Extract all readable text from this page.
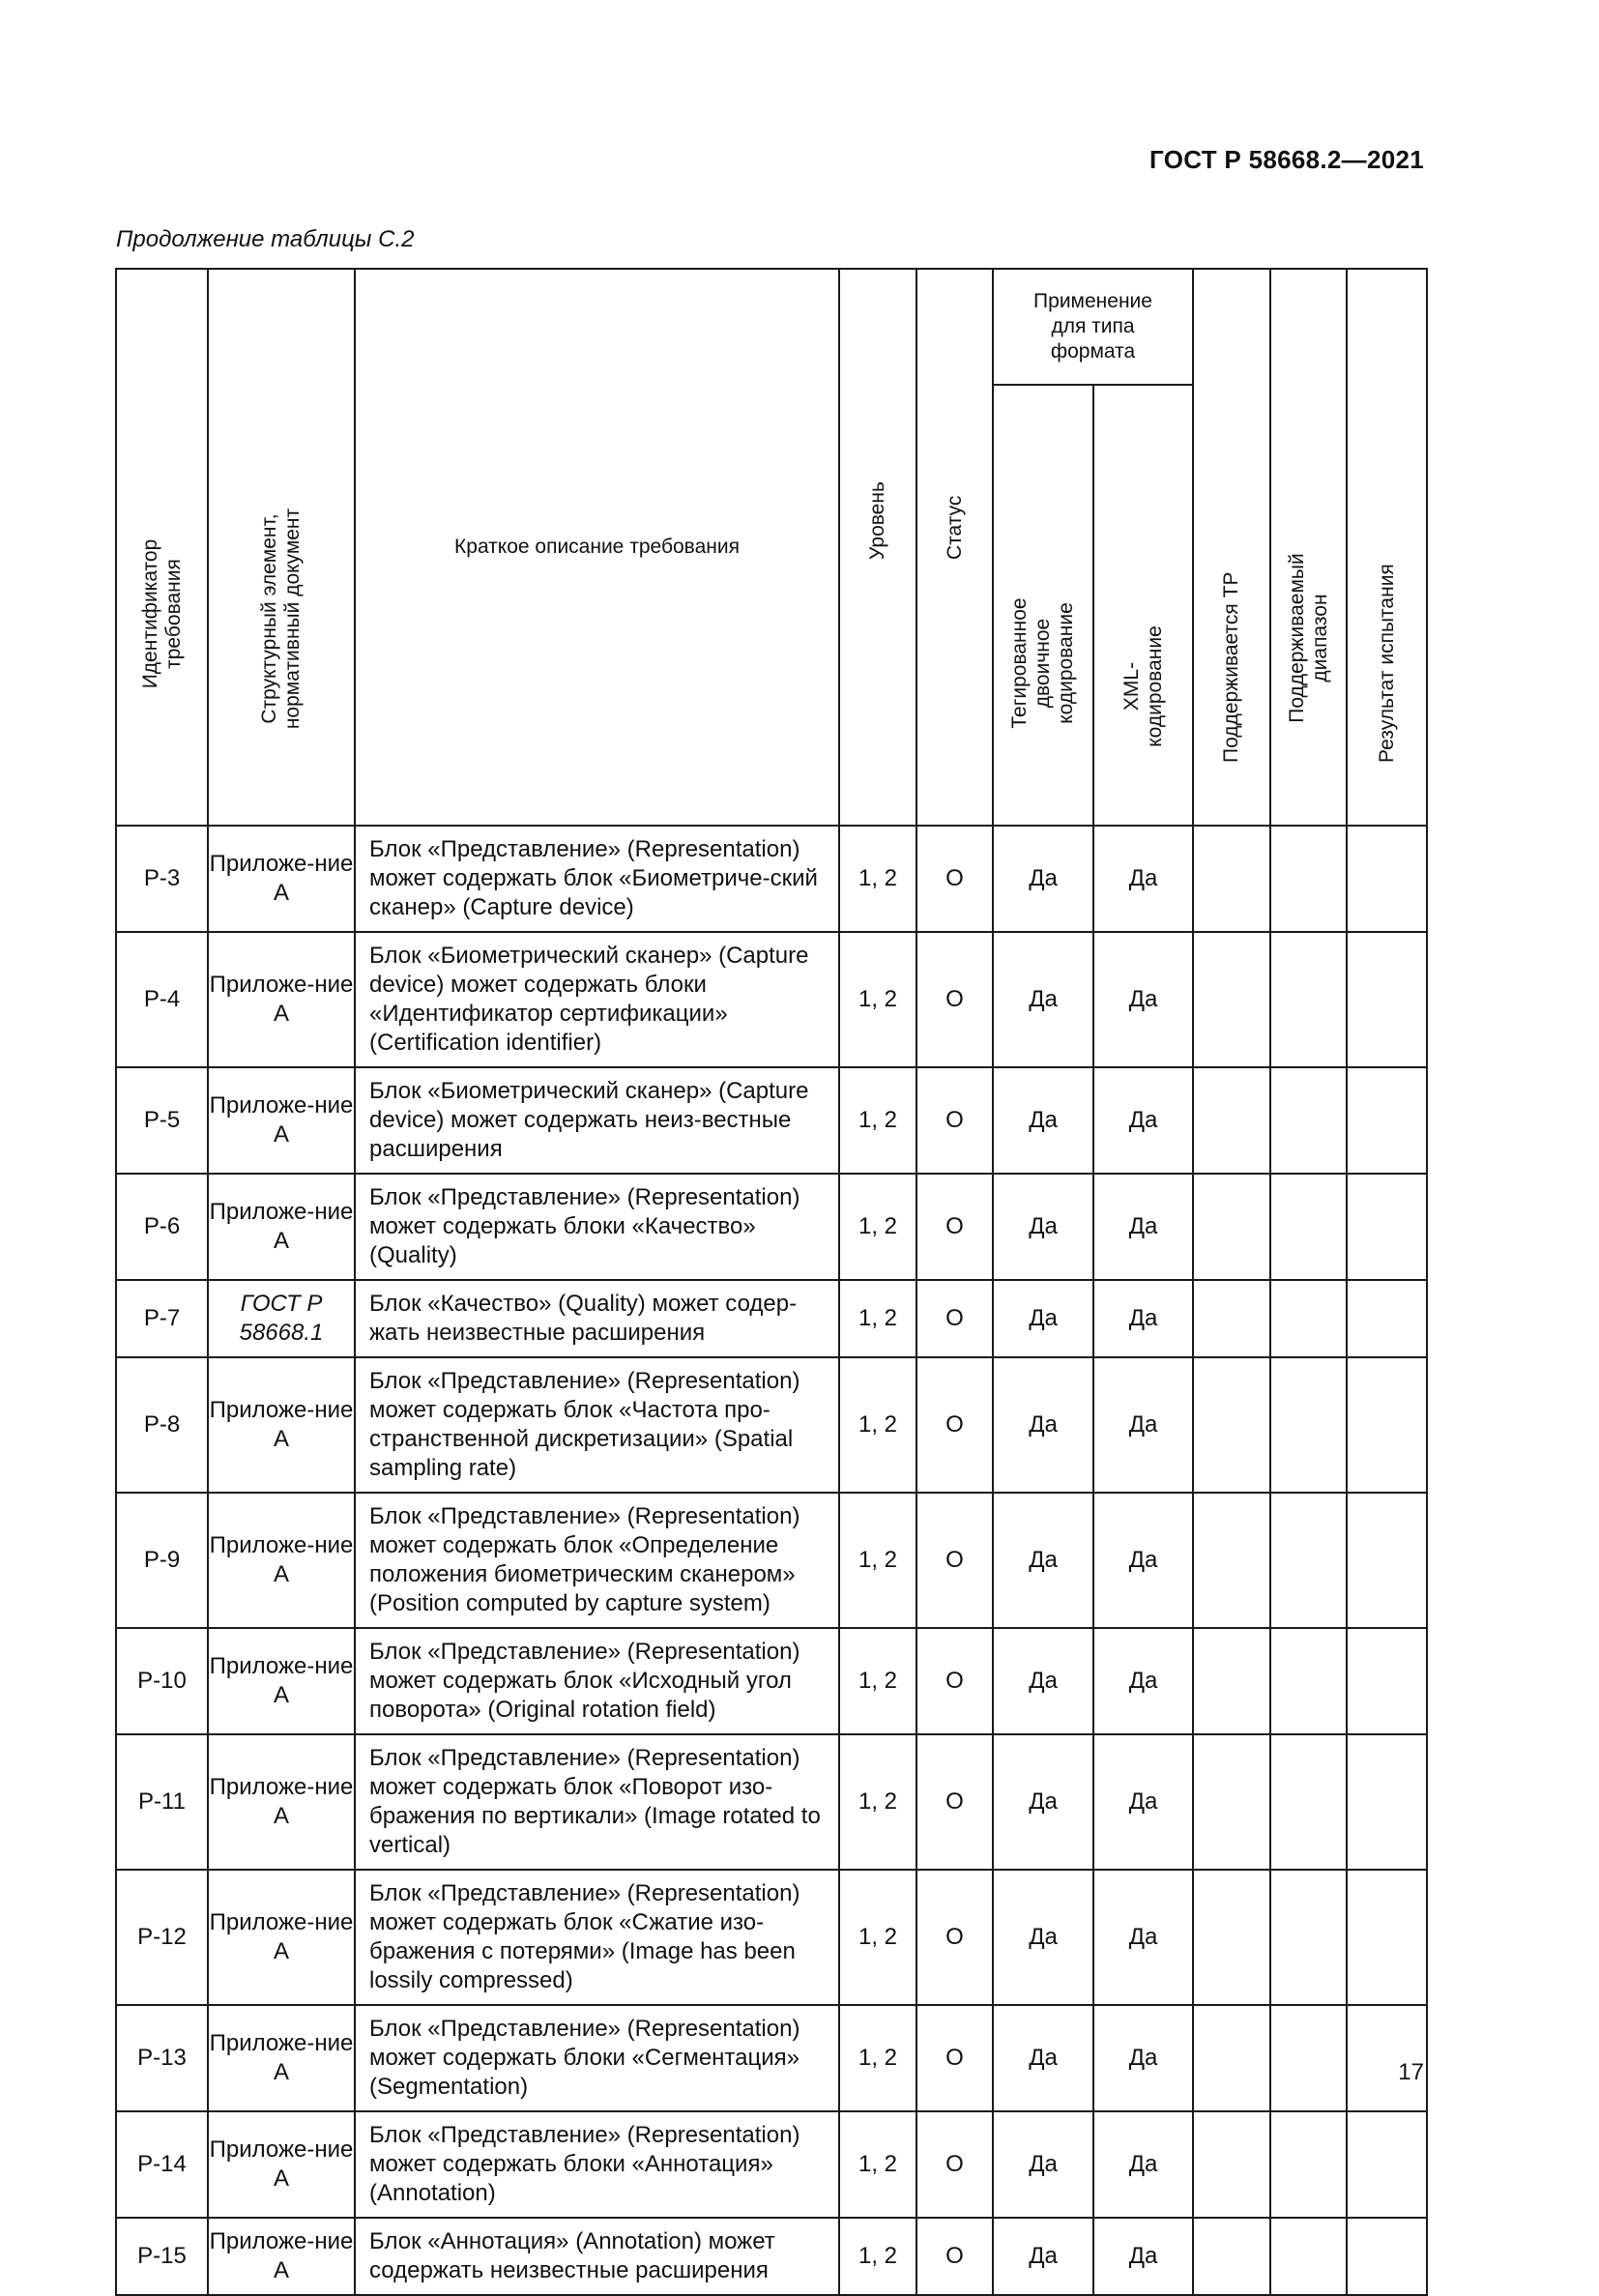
ГОСТ Р 58668.2—2021
Продолжение таблицы С.2
Идентификатор требования	Структурный элемент, нормативный документ	Краткое описание требования	Уровень	Статус	Применение для типа формата		Поддерживается ТР	Поддерживаемый диапазон	Результат испытания

					Тегированное двоичное кодирование	XML-кодирование			

Р-3	Приложе-ние А	Блок «Представление» (Representation) может содержать блок «Биометриче-ский сканер» (Capture device)	1, 2	О	Да	Да			
Р-4	Приложе-ние А	Блок «Биометрический сканер» (Capture device) может содержать блоки «Идентификатор сертификации» (Certification identifier)	1, 2	О	Да	Да			
Р-5	Приложе-ние А	Блок «Биометрический сканер» (Capture device) может содержать неиз-вестные расширения	1, 2	О	Да	Да			
Р-6	Приложе-ние А	Блок «Представление» (Representation) может содержать блоки «Качество» (Quality)	1, 2	О	Да	Да			
Р-7	ГОСТ Р 58668.1	Блок «Качество» (Quality) может содер-жать неизвестные расширения	1, 2	О	Да	Да			
Р-8	Приложе-ние А	Блок «Представление» (Representation) может содержать блок «Частота про-странственной дискретизации» (Spatial sampling rate)	1, 2	О	Да	Да			
Р-9	Приложе-ние А	Блок «Представление» (Representation) может содержать блок «Определение положения биометрическим сканером» (Position computed by capture system)	1, 2	О	Да	Да			
Р-10	Приложе-ние А	Блок «Представление» (Representation) может содержать блок «Исходный угол поворота» (Original rotation field)	1, 2	О	Да	Да			
Р-11	Приложе-ние А	Блок «Представление» (Representation) может содержать блок «Поворот изо-бражения по вертикали» (Image rotated to vertical)	1, 2	О	Да	Да			
Р-12	Приложе-ние А	Блок «Представление» (Representation) может содержать блок «Сжатие изо-бражения с потерями» (Image has been lossily compressed)	1, 2	О	Да	Да			
Р-13	Приложе-ние А	Блок «Представление» (Representation) может содержать блоки «Сегментация» (Segmentation)	1, 2	О	Да	Да			
Р-14	Приложе-ние А	Блок «Представление» (Representation) может содержать блоки «Аннотация» (Annotation)	1, 2	О	Да	Да			
Р-15	Приложе-ние А	Блок «Аннотация» (Annotation) может содержать неизвестные расширения	1, 2	О	Да	Да			
17
